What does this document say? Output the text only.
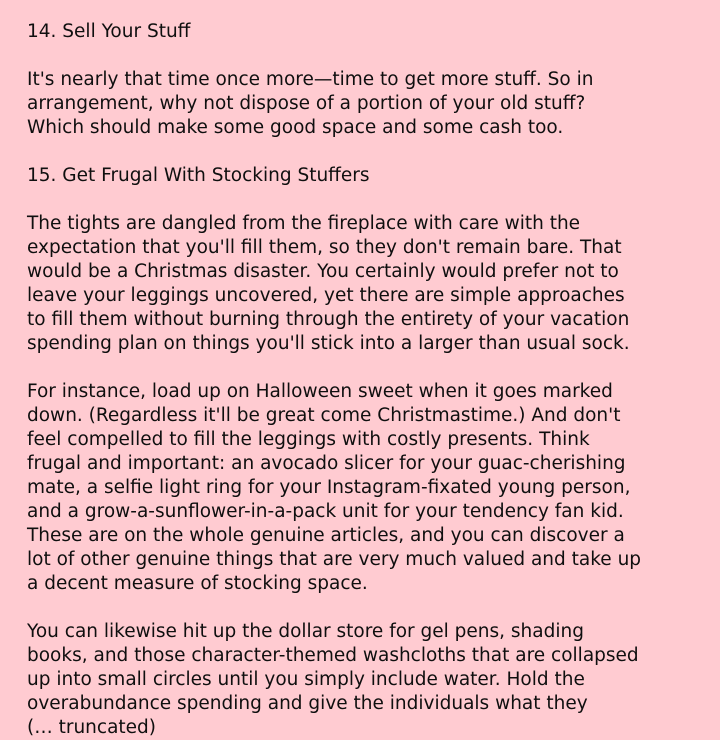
14. Sell Your Stuff
It's nearly that time once more—time to get more stuff. So in
arrangement, why not dispose of a portion of your old stuff?
Which should make some good space and some cash too.
15. Get Frugal With Stocking Stuffers
The tights are dangled from the fireplace with care with the
expectation that you'll fill them, so they don't remain bare. That
would be a Christmas disaster. You certainly would prefer not to
leave your leggings uncovered, yet there are simple approaches
to fill them without burning through the entirety of your vacation
spending plan on things you'll stick into a larger than usual sock.
For instance, load up on Halloween sweet when it goes marked
down. (Regardless it'll be great come Christmastime.) And don't
feel compelled to fill the leggings with costly presents. Think
frugal and important: an avocado slicer for your guac-cherishing
mate, a selfie light ring for your Instagram-fixated young person,
and a grow-a-sunflower-in-a-pack unit for your tendency fan kid.
These are on the whole genuine articles, and you can discover a
lot of other genuine things that are very much valued and take up
a decent measure of stocking space.
You can likewise hit up the dollar store for gel pens, shading
books, and those character-themed washcloths that are collapsed
up into small circles until you simply include water. Hold the
overabundance spending and give the individuals what they
(… truncated)
